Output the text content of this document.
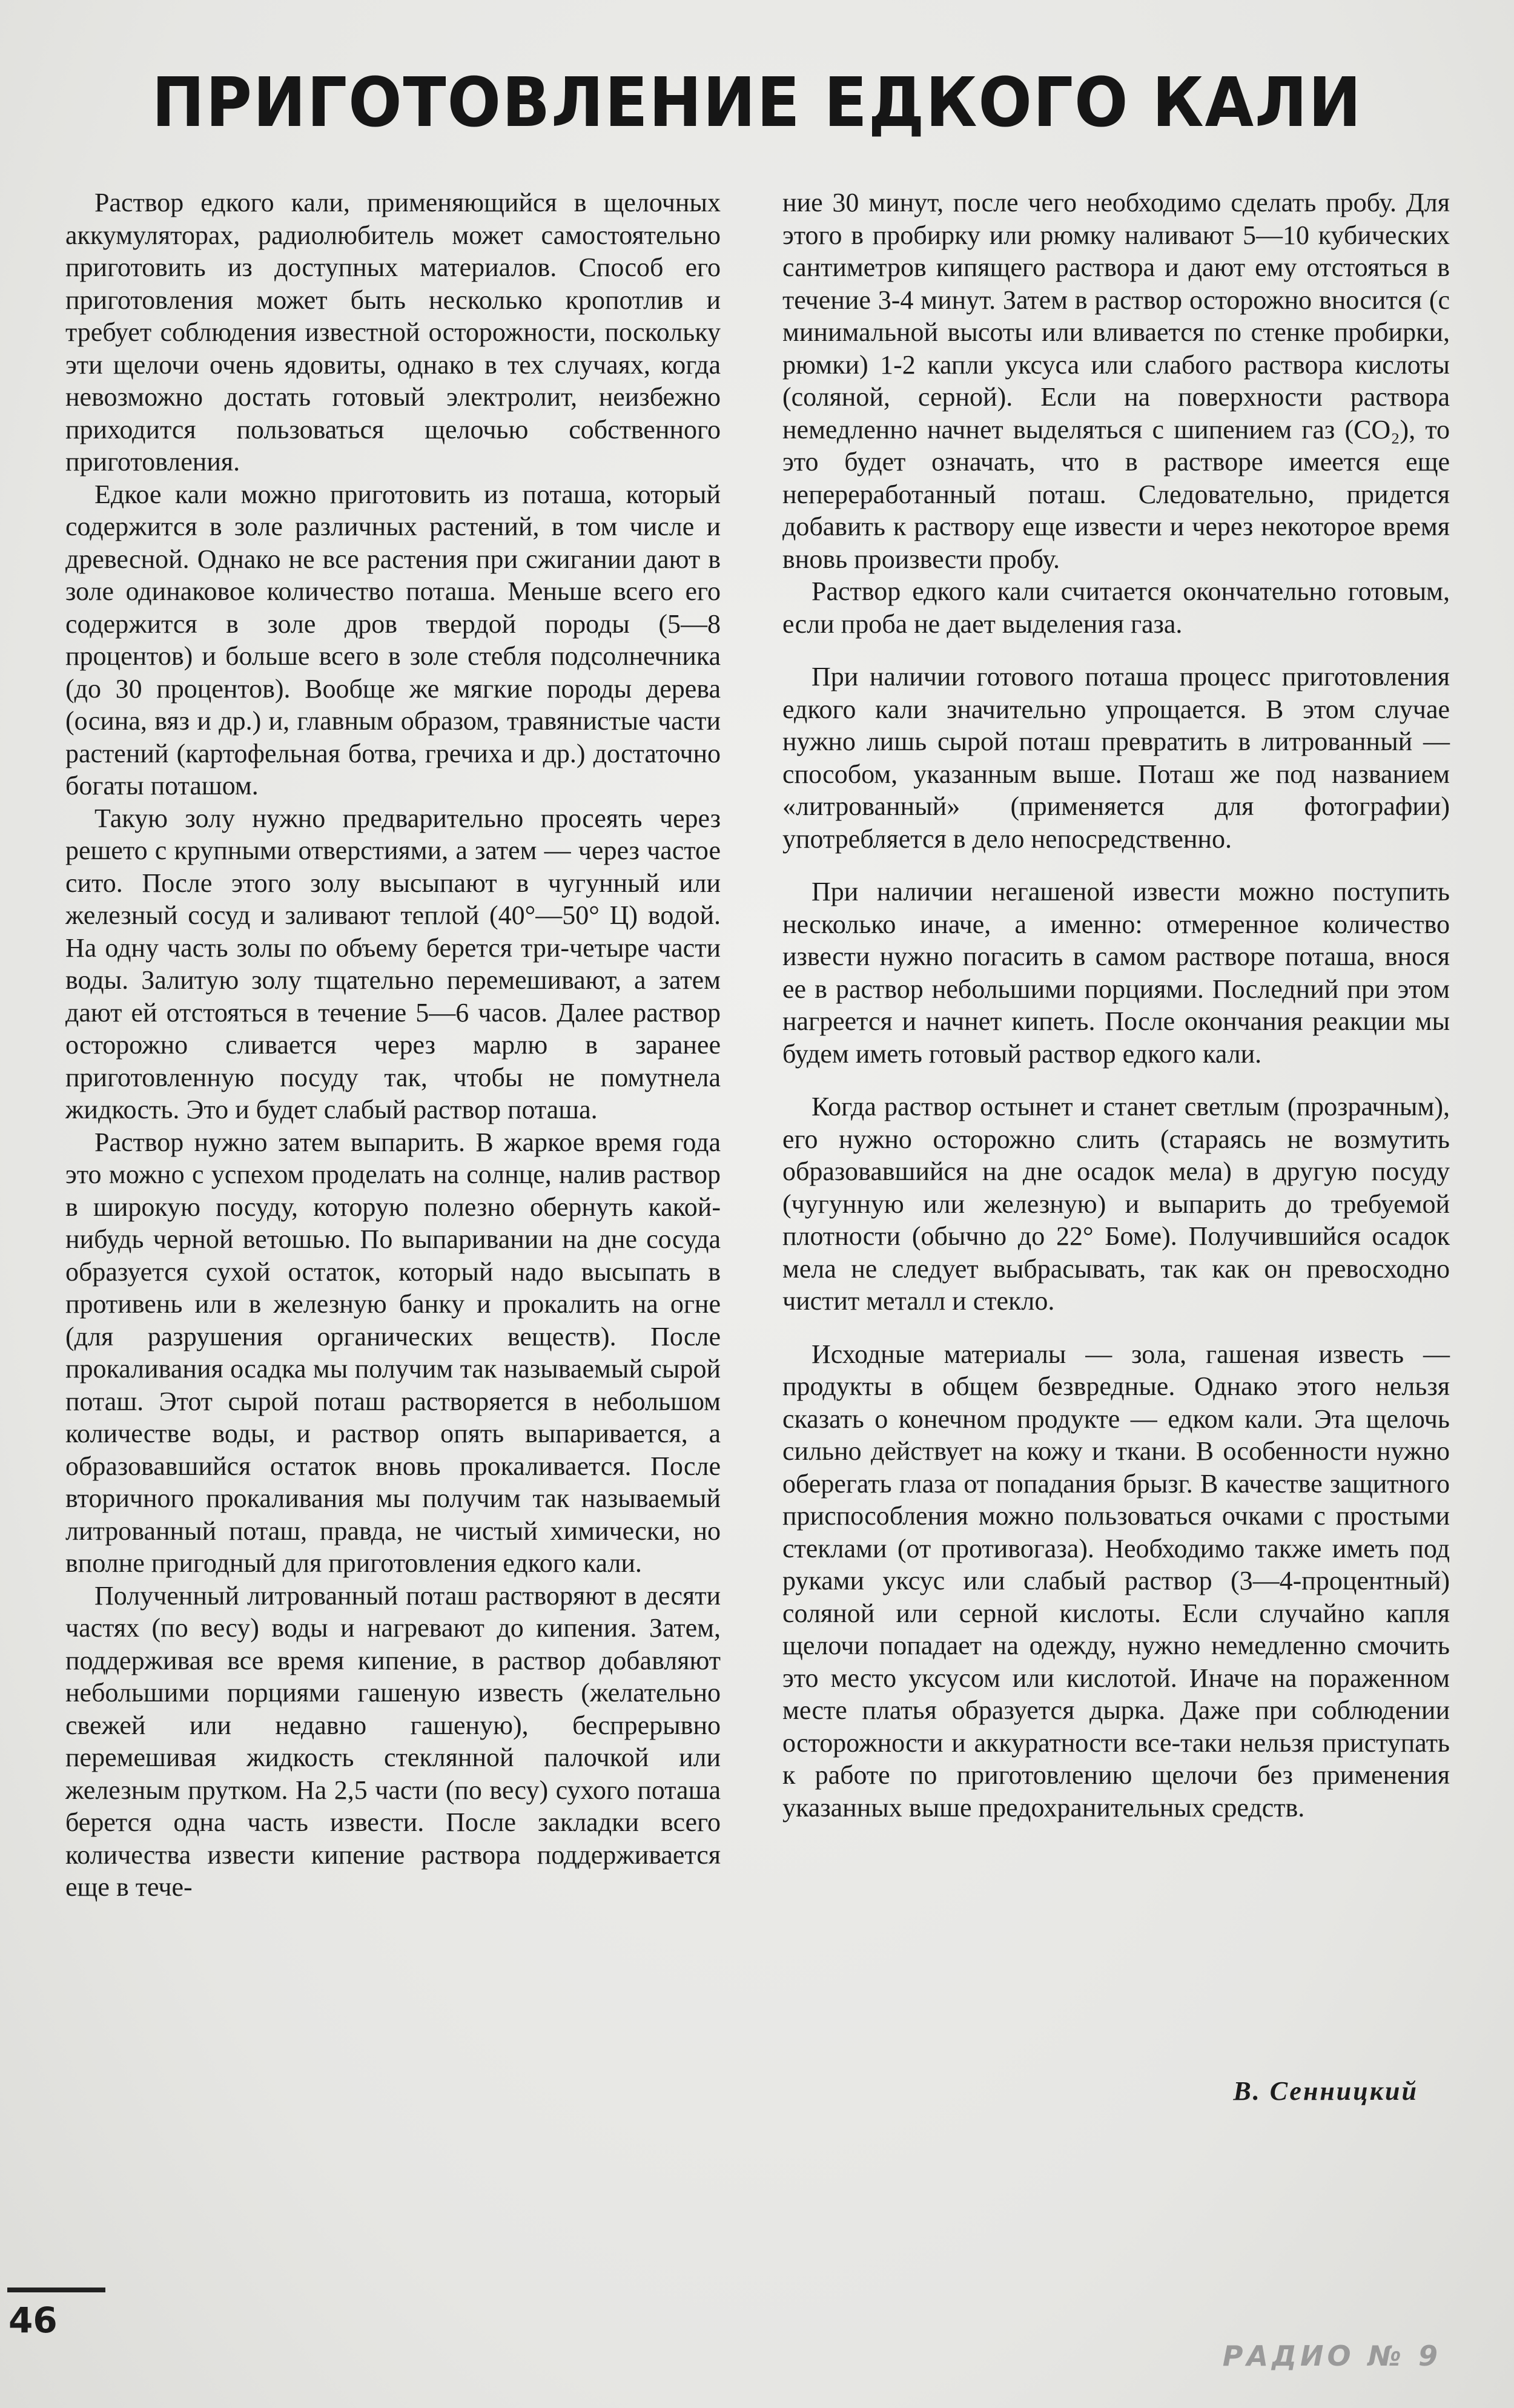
ПРИГОТОВЛЕНИЕ ЕДКОГО КАЛИ

Раствор едкого кали, применяющийся в щелочных аккумуляторах, радиолюбитель может самостоятельно приготовить из доступных материалов. Способ его приготовления может быть несколько кропотлив и требует соблюдения известной осторожности, поскольку эти щелочи очень ядовиты, однако в тех случаях, когда невозможно достать готовый электролит, неизбежно приходится пользоваться щелочью собственного приготовления.

Едкое кали можно приготовить из поташа, который содержится в золе различных растений, в том числе и древесной. Однако не все растения при сжигании дают в золе одинаковое количество поташа. Меньше всего его содержится в золе дров твердой породы (5—8 процентов) и больше всего в золе стебля подсолнечника (до 30 процентов). Вообще же мягкие породы дерева (осина, вяз и др.) и, главным образом, травянистые части растений (картофельная ботва, гречиха и др.) достаточно богаты поташом.

Такую золу нужно предварительно просеять через решето с крупными отверстиями, а затем — через частое сито. После этого золу высыпают в чугунный или железный сосуд и заливают теплой (40°—50° Ц) водой. На одну часть золы по объему берется три-четыре части воды. Залитую золу тщательно перемешивают, а затем дают ей отстояться в течение 5—6 часов. Далее раствор осторожно сливается через марлю в заранее приготовленную посуду так, чтобы не помутнела жидкость. Это и будет слабый раствор поташа.

Раствор нужно затем выпарить. В жаркое время года это можно с успехом проделать на солнце, налив раствор в широкую посуду, которую полезно обернуть какой-нибудь черной ветошью. По выпаривании на дне сосуда образуется сухой остаток, который надо высыпать в противень или в железную банку и прокалить на огне (для разрушения органических веществ). После прокаливания осадка мы получим так называемый сырой поташ. Этот сырой поташ растворяется в небольшом количестве воды, и раствор опять выпаривается, а образовавшийся остаток вновь прокаливается. После вторичного прокаливания мы получим так называемый литрованный поташ, правда, не чистый химически, но вполне пригодный для приготовления едкого кали.

Полученный литрованный поташ растворяют в десяти частях (по весу) воды и нагревают до кипения. Затем, поддерживая все время кипение, в раствор добавляют небольшими порциями гашеную известь (желательно свежей или недавно гашеную), беспрерывно перемешивая жидкость стеклянной палочкой или железным прутком. На 2,5 части (по весу) сухого поташа берется одна часть извести. После закладки всего количества извести кипение раствора поддерживается еще в тече-

ние 30 минут, после чего необходимо сделать пробу. Для этого в пробирку или рюмку наливают 5—10 кубических сантиметров кипящего раствора и дают ему отстояться в течение 3-4 минут. Затем в раствор осторожно вносится (с минимальной высоты или вливается по стенке пробирки, рюмки) 1-2 капли уксуса или слабого раствора кислоты (соляной, серной). Если на поверхности раствора немедленно начнет выделяться с шипением газ (CO₂), то это будет означать, что в растворе имеется еще непереработанный поташ. Следовательно, придется добавить к раствору еще извести и через некоторое время вновь произвести пробу.

Раствор едкого кали считается окончательно готовым, если проба не дает выделения газа.

При наличии готового поташа процесс приготовления едкого кали значительно упрощается. В этом случае нужно лишь сырой поташ превратить в литрованный — способом, указанным выше. Поташ же под названием «литрованный» (применяется для фотографии) употребляется в дело непосредственно.

При наличии негашеной извести можно поступить несколько иначе, а именно: отмеренное количество извести нужно погасить в самом растворе поташа, внося ее в раствор небольшими порциями. Последний при этом нагреется и начнет кипеть. После окончания реакции мы будем иметь готовый раствор едкого кали.

Когда раствор остынет и станет светлым (прозрачным), его нужно осторожно слить (стараясь не возмутить образовавшийся на дне осадок мела) в другую посуду (чугунную или железную) и выпарить до требуемой плотности (обычно до 22° Боме). Получившийся осадок мела не следует выбрасывать, так как он превосходно чистит металл и стекло.

Исходные материалы — зола, гашеная известь — продукты в общем безвредные. Однако этого нельзя сказать о конечном продукте — едком кали. Эта щелочь сильно действует на кожу и ткани. В особенности нужно оберегать глаза от попадания брызг. В качестве защитного приспособления можно пользоваться очками с простыми стеклами (от противогаза). Необходимо также иметь под руками уксус или слабый раствор (3—4-процентный) соляной или серной кислоты. Если случайно капля щелочи попадает на одежду, нужно немедленно смочить это место уксусом или кислотой. Иначе на пораженном месте платья образуется дырка. Даже при соблюдении осторожности и аккуратности все-таки нельзя приступать к работе по приготовлению щелочи без применения указанных выше предохранительных средств.

В. Сенницкий
46
РАДИО № 9
